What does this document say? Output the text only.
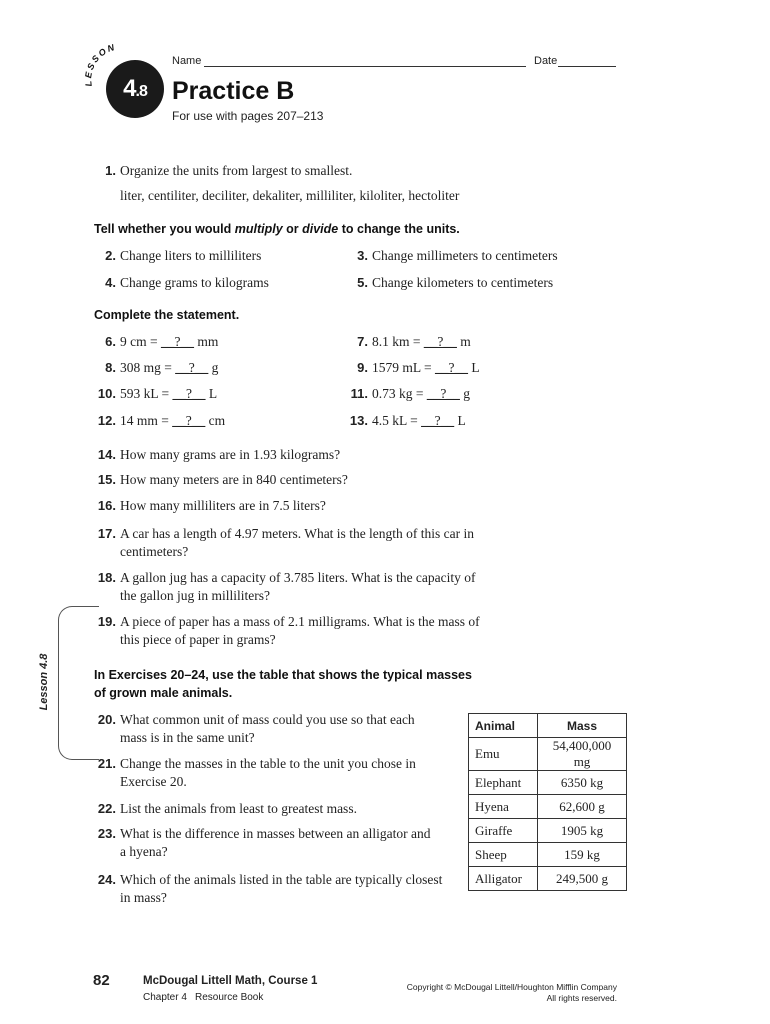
LESSON
4.8
Name	Date
Practice B
For use with pages 207–213
1. Organize the units from largest to smallest.
liter, centiliter, deciliter, dekaliter, milliliter, kiloliter, hectoliter
Tell whether you would multiply or divide to change the units.
2. Change liters to milliliters	3. Change millimeters to centimeters
4. Change grams to kilograms	5. Change kilometers to centimeters
Complete the statement.
6. 9 cm = __?__ mm	7. 8.1 km = __?__ m
8. 308 mg = __?__ g	9. 1579 mL = __?__ L
10. 593 kL = __?__ L	11. 0.73 kg = __?__ g
12. 14 mm = __?__ cm	13. 4.5 kL = __?__ L
14. How many grams are in 1.93 kilograms?
15. How many meters are in 840 centimeters?
16. How many milliliters are in 7.5 liters?
17. A car has a length of 4.97 meters. What is the length of this car in
centimeters?
18. A gallon jug has a capacity of 3.785 liters. What is the capacity of
the gallon jug in milliliters?
19. A piece of paper has a mass of 2.1 milligrams. What is the mass of
this piece of paper in grams?
Lesson 4.8	In Exercises 20–24, use the table that shows the typical masses
of grown male animals.
20. What common unit of mass could you use so that each
mass is in the same unit?
21. Change the masses in the table to the unit you chose in
Exercise 20.
22. List the animals from least to greatest mass.
23. What is the difference in masses between an alligator and
a hyena?
24. Which of the animals listed in the table are typically closest
in mass?
Animal	Mass
Emu	54,400,000 mg
Elephant	6350 kg
Hyena	62,600 g
Giraffe	1905 kg
Sheep	159 kg
Alligator	249,500 g
82	McDougal Littell Math, Course 1
Chapter 4 Resource Book
Copyright © McDougal Littell/Houghton Mifflin Company
All rights reserved.
